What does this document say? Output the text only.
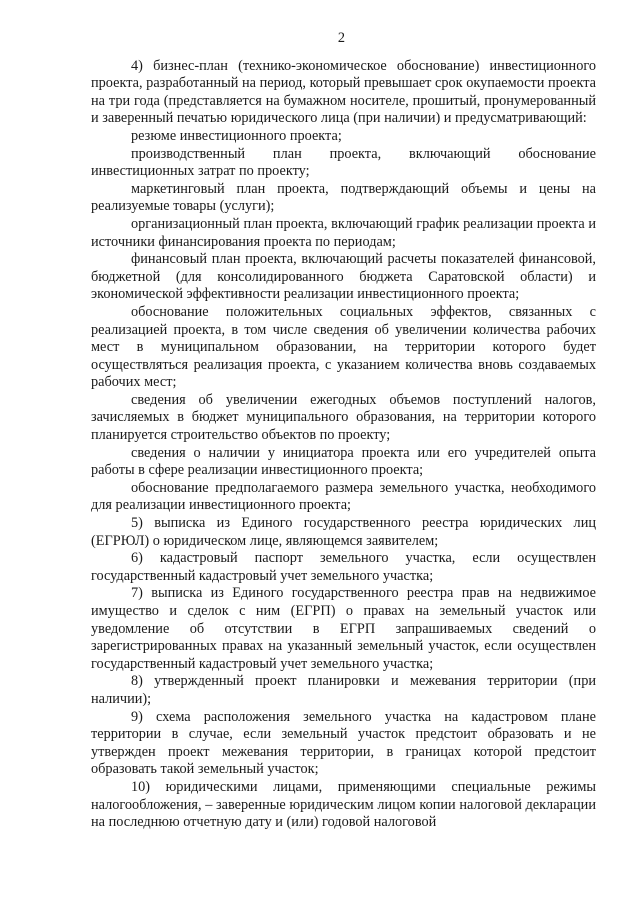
2

4) бизнес-план (технико-экономическое обоснование) инвестиционного проекта, разработанный на период, который превышает срок окупаемости проекта на три года (представляется на бумажном носителе, прошитый, пронумерованный и заверенный печатью юридического лица (при наличии) и предусматривающий:

резюме инвестиционного проекта;

производственный план проекта, включающий обоснование инвестиционных затрат по проекту;

маркетинговый план проекта, подтверждающий объемы и цены на реализуемые товары (услуги);

организационный план проекта, включающий график реализации проекта и источники финансирования проекта по периодам;

финансовый план проекта, включающий расчеты показателей финансовой, бюджетной (для консолидированного бюджета Саратовской области) и экономической эффективности реализации инвестиционного проекта;

обоснование положительных социальных эффектов, связанных с реализацией проекта, в том числе сведения об увеличении количества рабочих мест в муниципальном образовании, на территории которого будет осуществляться реализация проекта, с указанием количества вновь создаваемых рабочих мест;

сведения об увеличении ежегодных объемов поступлений налогов, зачисляемых в бюджет муниципального образования, на территории которого планируется строительство объектов по проекту;

сведения о наличии у инициатора проекта или его учредителей опыта работы в сфере реализации инвестиционного проекта;

обоснование предполагаемого размера земельного участка, необходимого для реализации инвестиционного проекта;

5) выписка из Единого государственного реестра юридических лиц (ЕГРЮЛ) о юридическом лице, являющемся заявителем;

6) кадастровый паспорт земельного участка, если осуществлен государственный кадастровый учет земельного участка;

7) выписка из Единого государственного реестра прав на недвижимое имущество и сделок с ним (ЕГРП) о правах на земельный участок или уведомление об отсутствии в ЕГРП запрашиваемых сведений о зарегистрированных правах на указанный земельный участок, если осуществлен государственный кадастровый учет земельного участка;

8) утвержденный проект планировки и межевания территории (при наличии);

9) схема расположения земельного участка на кадастровом плане территории в случае, если земельный участок предстоит образовать и не утвержден проект межевания территории, в границах которой предстоит образовать такой земельный участок;

10) юридическими лицами, применяющими специальные режимы налогообложения, – заверенные юридическим лицом копии налоговой декларации на последнюю отчетную дату и (или) годовой налоговой
